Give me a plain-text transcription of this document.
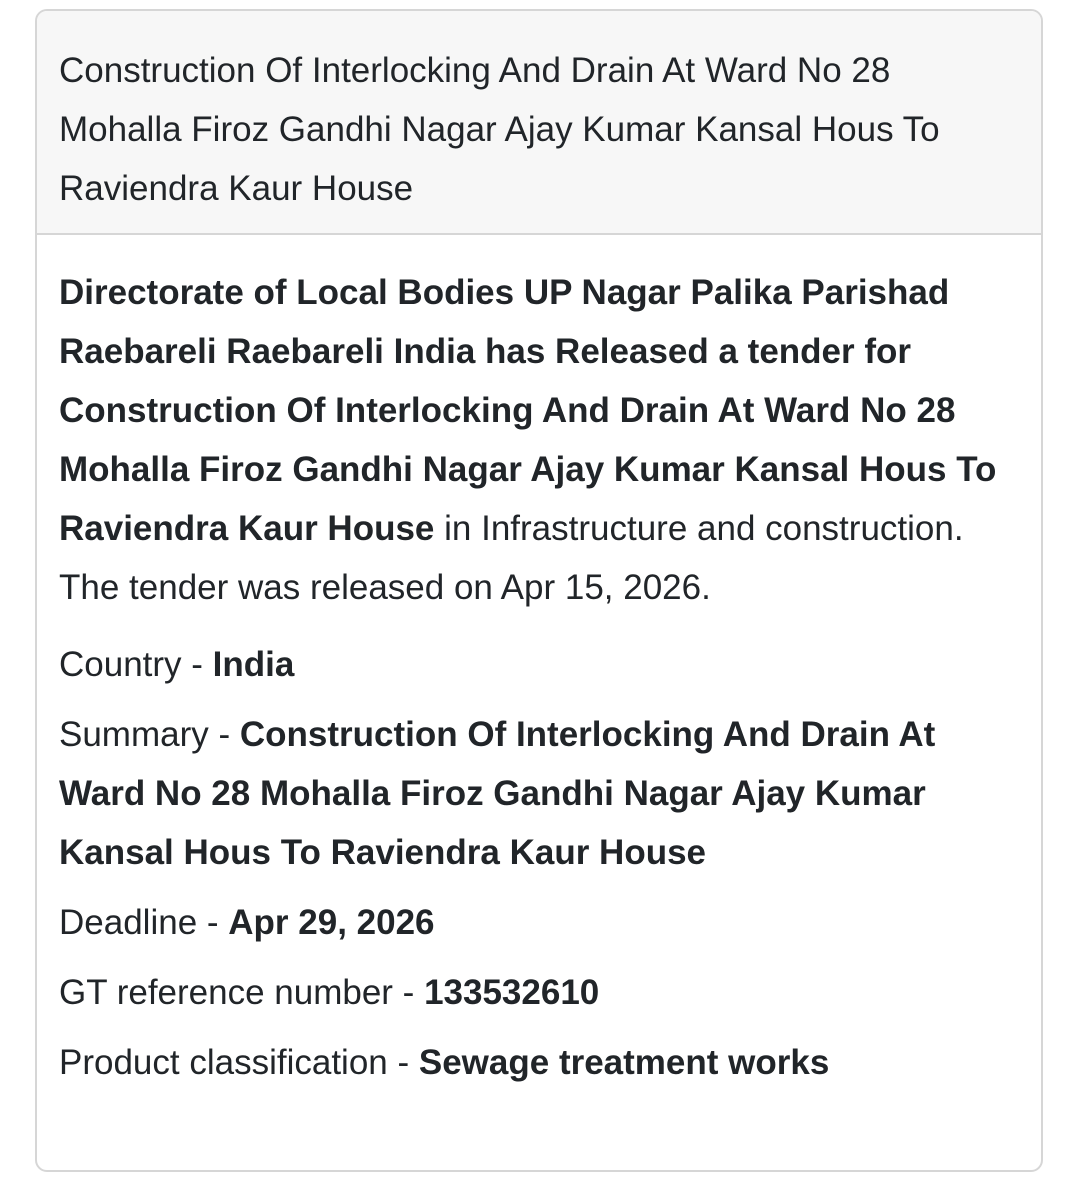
Construction Of Interlocking And Drain At Ward No 28 Mohalla Firoz Gandhi Nagar Ajay Kumar Kansal Hous To Raviendra Kaur House

Directorate of Local Bodies UP Nagar Palika Parishad Raebareli Raebareli India has Released a tender for Construction Of Interlocking And Drain At Ward No 28 Mohalla Firoz Gandhi Nagar Ajay Kumar Kansal Hous To Raviendra Kaur House in Infrastructure and construction. The tender was released on Apr 15, 2026.

Country - India

Summary - Construction Of Interlocking And Drain At Ward No 28 Mohalla Firoz Gandhi Nagar Ajay Kumar Kansal Hous To Raviendra Kaur House

Deadline - Apr 29, 2026

GT reference number - 133532610

Product classification - Sewage treatment works
